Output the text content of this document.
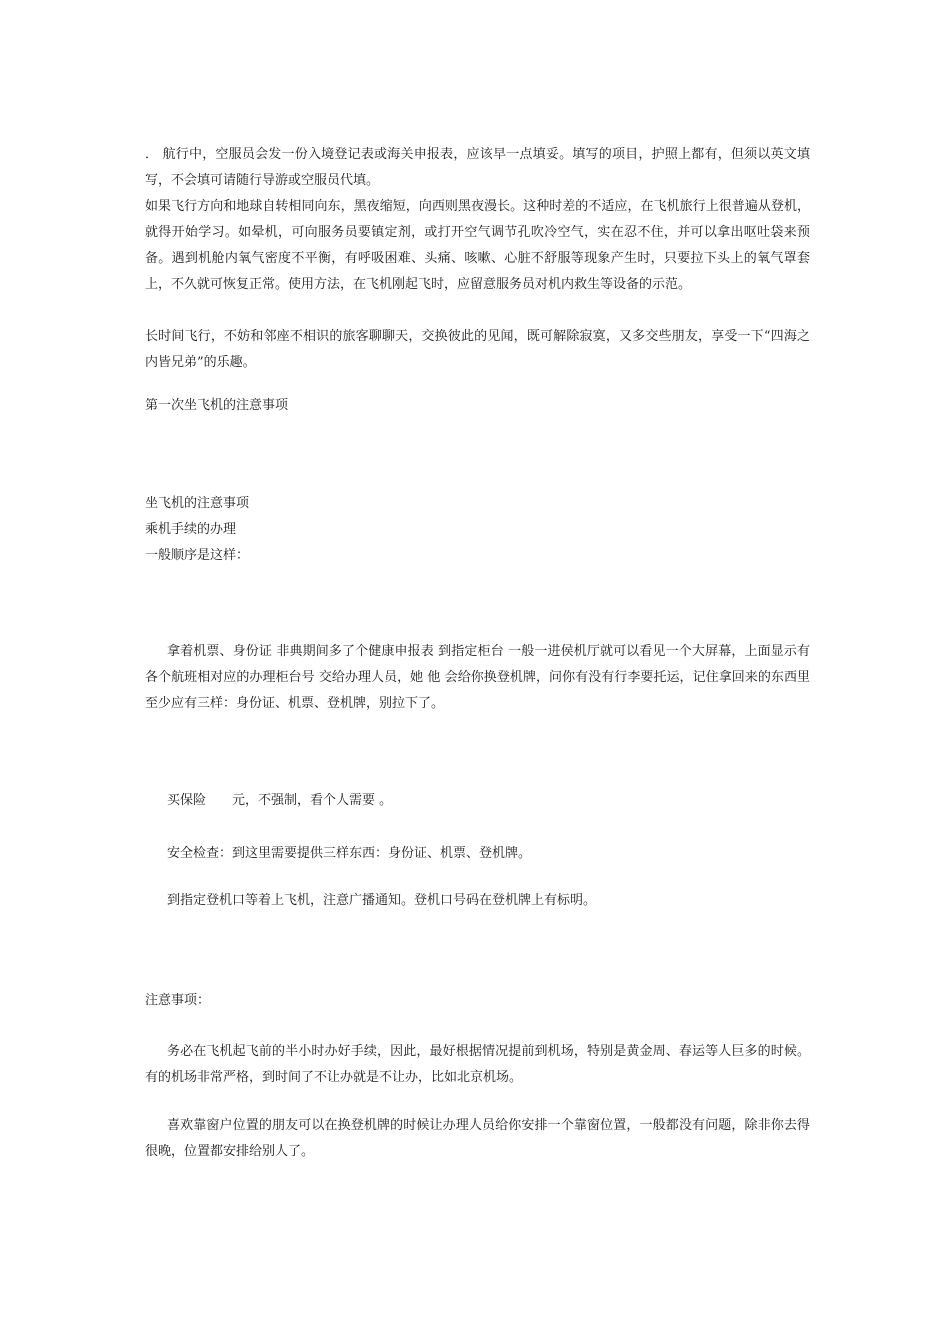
． 航行中，空服员会发一份入境登记表或海关申报表，应该早一点填妥。填写的项目，护照上都有，但须以英文填写，不会填可请随行导游或空服员代填。

如果飞行方向和地球自转相同向东，黑夜缩短，向西则黑夜漫长。这种时差的不适应，在飞机旅行上很普遍从登机，就得开始学习。如晕机，可向服务员要镇定剂，或打开空气调节孔吹冷空气，实在忍不住，并可以拿出呕吐袋来预备。遇到机舱内氧气密度不平衡，有呼吸困难、头痛、咳嗽、心脏不舒服等现象产生时，只要拉下头上的氧气罩套上，不久就可恢复正常。使用方法，在飞机刚起飞时，应留意服务员对机内救生等设备的示范。

长时间飞行，不妨和邻座不相识的旅客聊聊天，交换彼此的见闻，既可解除寂寞，又多交些朋友，享受一下“四海之内皆兄弟”的乐趣。

第一次坐飞机的注意事项

坐飞机的注意事项
乘机手续的办理
一般顺序是这样：

拿着机票、身份证 非典期间多了个健康申报表 到指定柜台 一般一进侯机厅就可以看见一个大屏幕，上面显示有各个航班相对应的办理柜台号 交给办理人员，她 他 会给你换登机牌，问你有没有行李要托运，记住拿回来的东西里至少应有三样：身份证、机票、登机牌，别拉下了。

买保险　　元，不强制，看个人需要 。

安全检查：到这里需要提供三样东西：身份证、机票、登机牌。

到指定登机口等着上飞机，注意广播通知。登机口号码在登机牌上有标明。

注意事项：

务必在飞机起飞前的半小时办好手续，因此，最好根据情况提前到机场，特别是黄金周、春运等人巨多的时候。有的机场非常严格，到时间了不让办就是不让办，比如北京机场。

喜欢靠窗户位置的朋友可以在换登机牌的时候让办理人员给你安排一个靠窗位置，一般都没有问题，除非你去得很晚，位置都安排给别人了。
